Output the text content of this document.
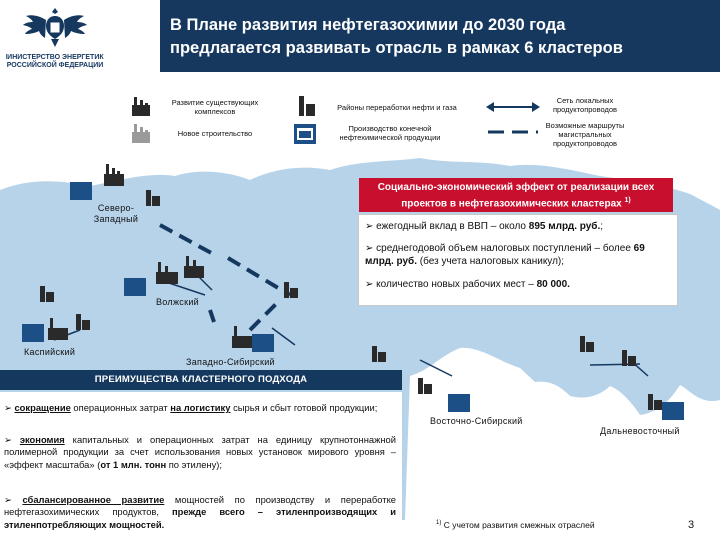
МИНИСТЕРСТВО ЭНЕРГЕТИКИ
РОССИЙСКОЙ ФЕДЕРАЦИИ
В Плане развития нефтегазохимии до 2030 года
предлагается развивать отрасль в рамках 6 кластеров
Развитие существующих комплексов
Новое строительство
Районы переработки нефти и газа
Производство конечной нефтехимической продукции
Сеть локальных продуктопроводов
Возможные маршруты магистральных продуктопроводов
Северо-Западный
Волжский
Каспийский
Западно-Сибирский
Восточно-Сибирский
Дальневосточный
Социально-экономический эффект от реализации всех проектов в нефтегазохимических кластерах $^{1)}$
➢ ежегодный вклад в ВВП – около 895 млрд. руб.;
➢ среднегодовой объем налоговых поступлений – более 69 млрд. руб. (без учета налоговых каникул);
➢ количество новых рабочих мест – 80 000.
ПРЕИМУЩЕСТВА КЛАСТЕРНОГО ПОДХОДА
➢ сокращение операционных затрат на логистику сырья и сбыт готовой продукции;
➢ экономия капитальных и операционных затрат на единицу крупнотоннажной полимерной продукции за счет использования новых установок мирового уровня – «эффект масштаба» (от 1 млн. тонн по этилену);
➢ сбалансированное развитие мощностей по производству и переработке нефтегазохимических продуктов, прежде всего – этиленпроизводящих и этиленпотребляющих мощностей.	$^{1)}$ С учетом развития смежных отраслей	3
